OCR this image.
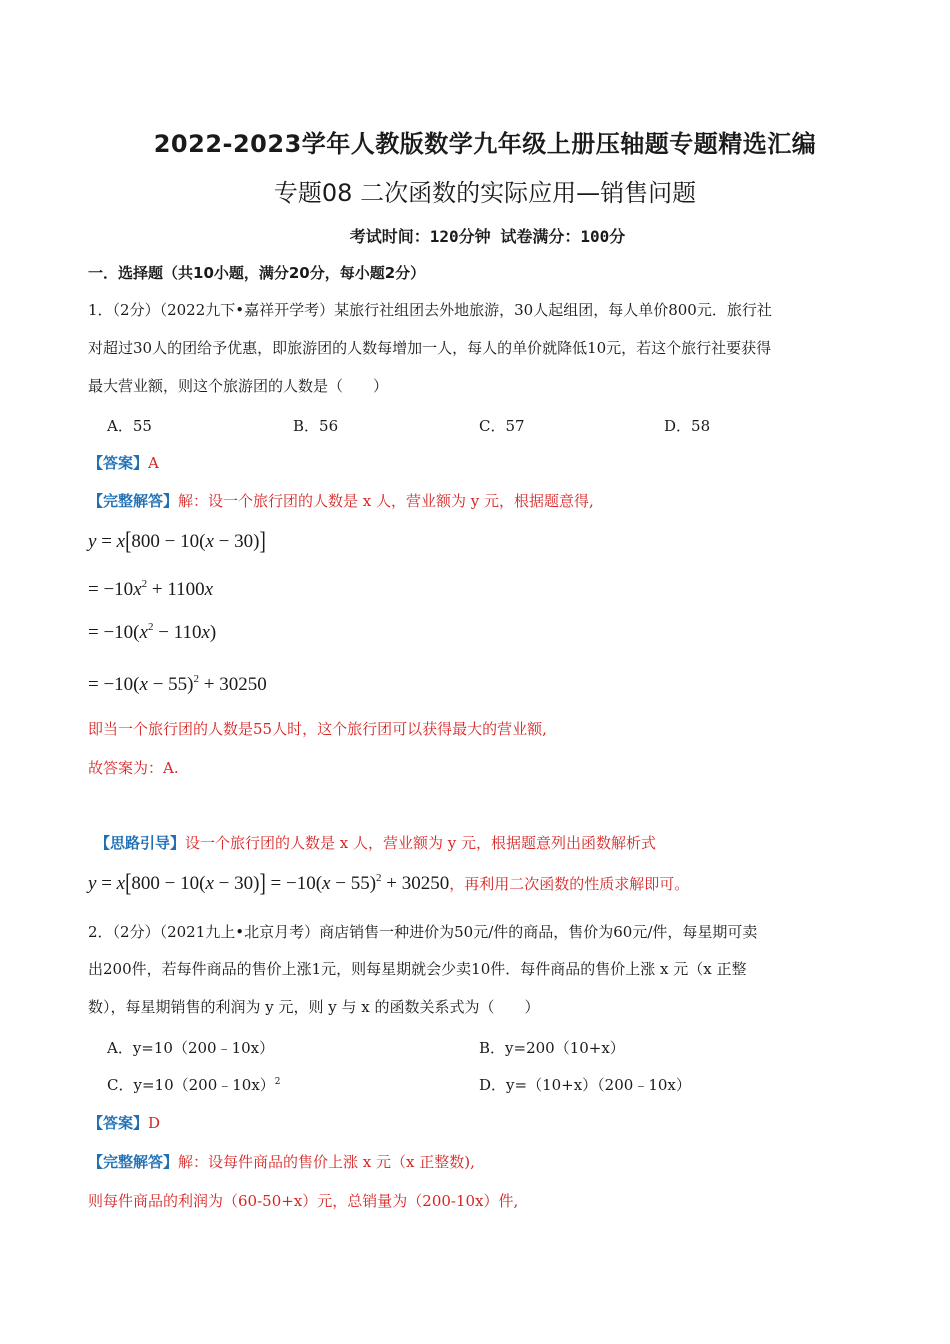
2022-2023学年人教版数学九年级上册压轴题专题精选汇编
专题08 二次函数的实际应用—销售问题
考试时间：120分钟 试卷满分：100分
一．选择题（共10小题，满分20分，每小题2分）
1．（2分）（2022九下•嘉祥开学考）某旅行社组团去外地旅游，30人起组团，每人单价800元．旅行社
对超过30人的团给予优惠，即旅游团的人数每增加一人，每人的单价就降低10元，若这个旅行社要获得
最大营业额，则这个旅游团的人数是（　　）
A．55	B．56	C．57	D．58
【答案】A
【完整解答】解：设一个旅行团的人数是 x 人，营业额为 y 元，根据题意得,
y = x[800 − 10(x − 30)]
= $-10x^2 + 1100x$
= $-10(x^2 - 110x)$
= $-10(x - 55)^2 + 30250$
即当一个旅行团的人数是55人时，这个旅行团可以获得最大的营业额,
故答案为：A.
【思路引导】设一个旅行团的人数是 x 人，营业额为 y 元，根据题意列出函数解析式
$y = x[800 - 10(x - 30)] = -10(x - 55)^2 + 30250$，再利用二次函数的性质求解即可。
2．（2分）（2021九上•北京月考）商店销售一种进价为50元/件的商品，售价为60元/件，每星期可卖
出200件，若每件商品的售价上涨1元，则每星期就会少卖10件．每件商品的售价上涨 x 元（x 正整
数），每星期销售的利润为 y 元，则 y 与 x 的函数关系式为（　　）
A．y=10（200﹣10x）	B．y=200（10+x）
C．y=10（200﹣10x）$^2$	D．y=（10+x）（200﹣10x）
【答案】D
【完整解答】解：设每件商品的售价上涨 x 元（x 正整数),
则每件商品的利润为（60-50+x）元，总销量为（200-10x）件,
